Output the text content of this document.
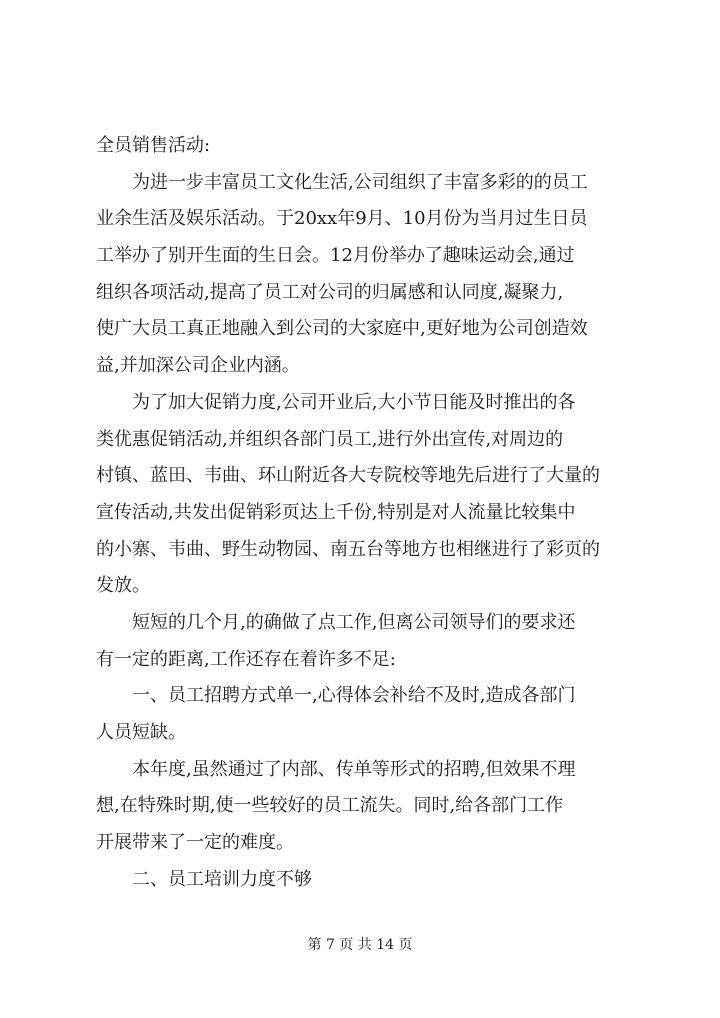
全员销售活动:
为进一步丰富员工文化生活,公司组织了丰富多彩的的员工
业余生活及娱乐活动。于20xx年9月、10月份为当月过生日员
工举办了别开生面的生日会。12月份举办了趣味运动会,通过
组织各项活动,提高了员工对公司的归属感和认同度,凝聚力,
使广大员工真正地融入到公司的大家庭中,更好地为公司创造效
益,并加深公司企业内涵。
为了加大促销力度,公司开业后,大小节日能及时推出的各
类优惠促销活动,并组织各部门员工,进行外出宣传,对周边的
村镇、蓝田、韦曲、环山附近各大专院校等地先后进行了大量的
宣传活动,共发出促销彩页达上千份,特别是对人流量比较集中
的小寨、韦曲、野生动物园、南五台等地方也相继进行了彩页的
发放。
短短的几个月,的确做了点工作,但离公司领导们的要求还
有一定的距离,工作还存在着许多不足:
一、员工招聘方式单一,心得体会补给不及时,造成各部门
人员短缺。
本年度,虽然通过了内部、传单等形式的招聘,但效果不理
想,在特殊时期,使一些较好的员工流失。同时,给各部门工作
开展带来了一定的难度。
二、员工培训力度不够
第 7 页 共 14 页
